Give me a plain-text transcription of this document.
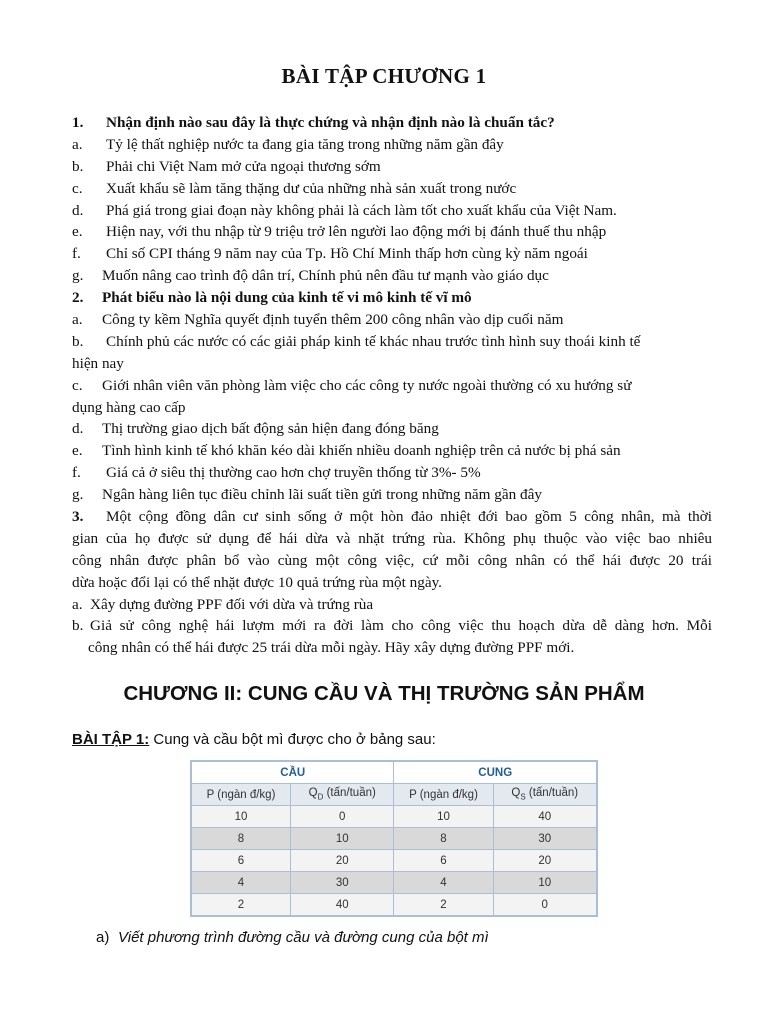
BÀI TẬP CHƯƠNG 1
1. Nhận định nào sau đây là thực chứng và nhận định nào là chuẩn tắc?
a. Tỷ lệ thất nghiệp nước ta đang gia tăng trong những năm gần đây
b. Phải chi Việt Nam mở cửa ngoại thương sớm
c. Xuất khẩu sẽ làm tăng thặng dư của những nhà sản xuất trong nước
d. Phá giá trong giai đoạn này không phải là cách làm tốt cho xuất khẩu của Việt Nam.
e. Hiện nay, với thu nhập từ 9 triệu trở lên người lao động mới bị đánh thuế thu nhập
f. Chỉ số CPI tháng 9 năm nay của Tp. Hồ Chí Minh thấp hơn cùng kỳ năm ngoái
g. Muốn nâng cao trình độ dân trí, Chính phủ nên đầu tư mạnh vào giáo dục
2. Phát biểu nào là nội dung của kinh tế vi mô kinh tế vĩ mô
a. Công ty kềm Nghĩa quyết định tuyển thêm 200 công nhân vào dịp cuối năm
b. Chính phủ các nước có các giải pháp kinh tế khác nhau trước tình hình suy thoái kinh tế
hiện nay
c. Giới nhân viên văn phòng làm việc cho các công ty nước ngoài thường có xu hướng sử
dụng hàng cao cấp
d. Thị trường giao dịch bất động sản hiện đang đóng băng
e. Tình hình kinh tế khó khăn kéo dài khiến nhiều doanh nghiệp trên cả nước bị phá sản
f. Giá cả ở siêu thị thường cao hơn chợ truyền thống từ 3%- 5%
g. Ngân hàng liên tục điều chỉnh lãi suất tiền gửi trong những năm gần đây
3. Một cộng đồng dân cư sinh sống ở một hòn đảo nhiệt đới bao gồm 5 công nhân, mà thời
gian của họ được sử dụng để hái dừa và nhặt trứng rùa. Không phụ thuộc vào việc bao nhiêu
công nhân được phân bổ vào cùng một công việc, cứ mỗi công nhân có thể hái được 20 trái
dừa hoặc đổi lại có thể nhặt được 10 quả trứng rùa một ngày.
a. Xây dựng đường PPF đối với dừa và trứng rùa
b. Giả sử công nghệ hái lượm mới ra đời làm cho công việc thu hoạch dừa dễ dàng hơn. Mỗi
công nhân có thể hái được 25 trái dừa mỗi ngày. Hãy xây dựng đường PPF mới.
CHƯƠNG II: CUNG CẦU VÀ THỊ TRƯỜNG SẢN PHẨM
BÀI TẬP 1: Cung và cầu bột mì được cho ở bảng sau:
CẦU		CUNG	
P (ngàn đ/kg)	$Q_D$ (tấn/tuần)	P (ngàn đ/kg)	$Q_S$ (tấn/tuần)
10	0	10	40
8	10	8	30
6	20	6	20
4	30	4	10
2	40	2	0
a) Viết phương trình đường cầu và đường cung của bột mì
